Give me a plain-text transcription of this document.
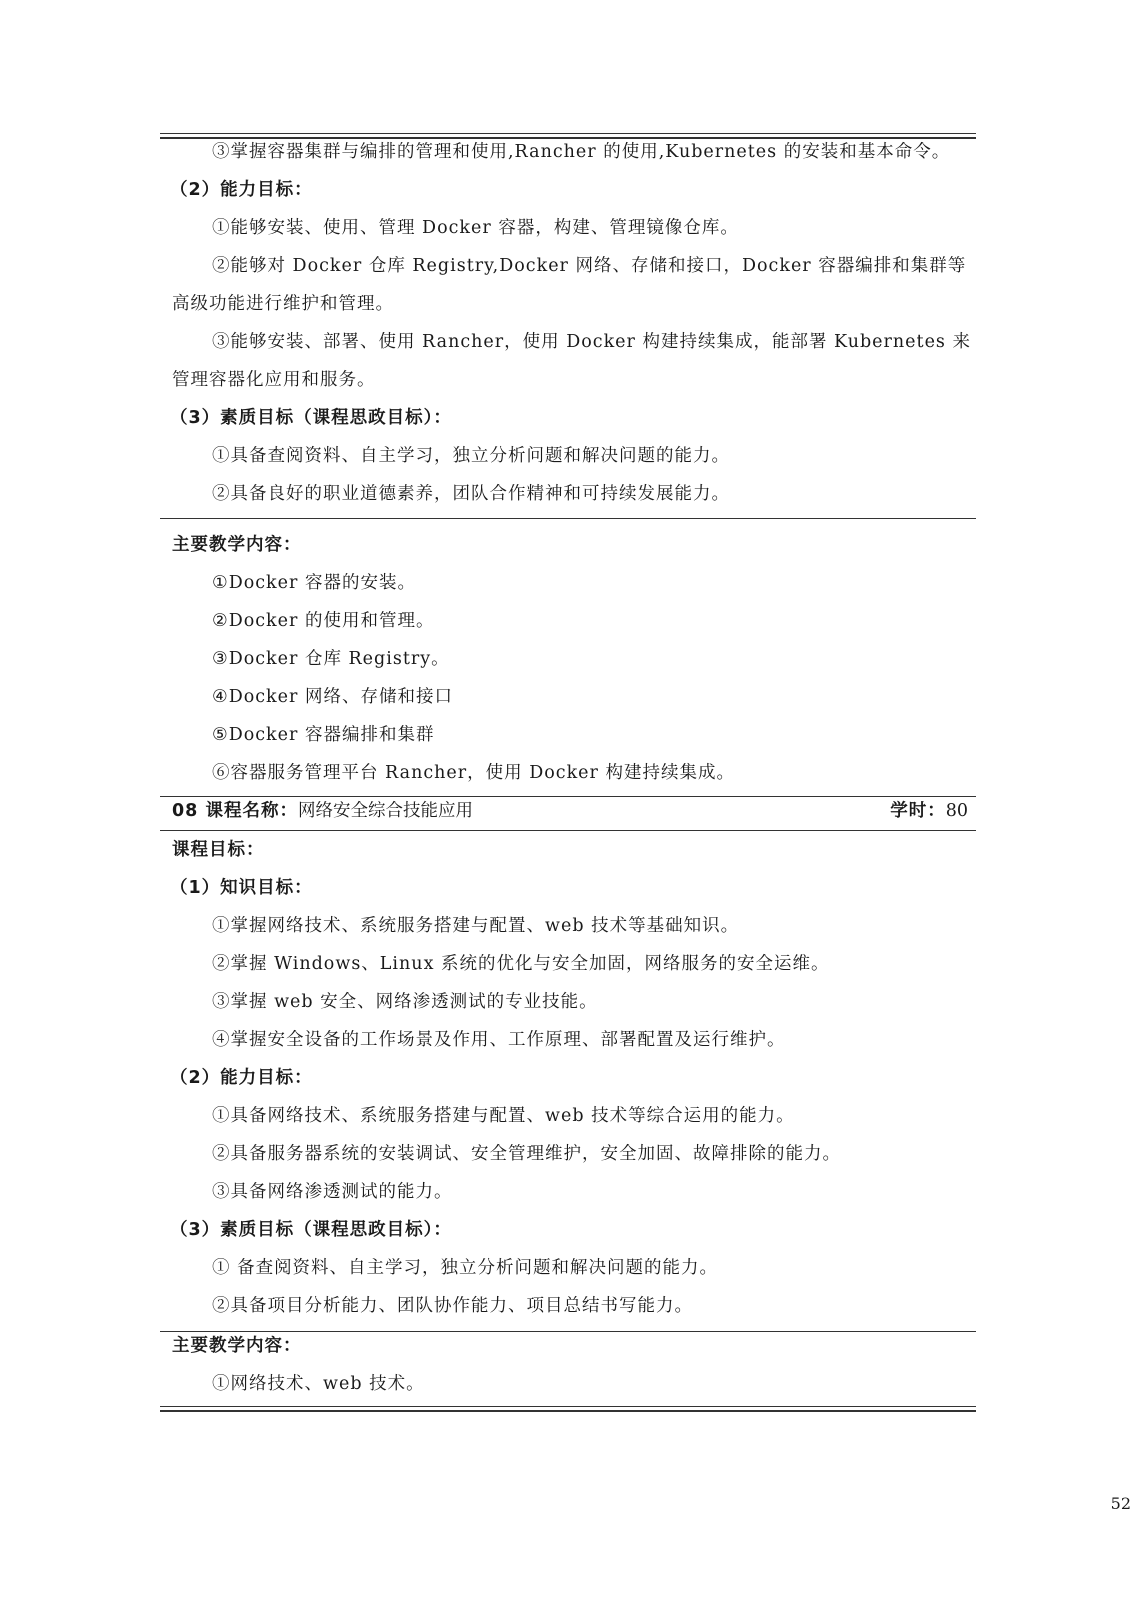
③掌握容器集群与编排的管理和使用,Rancher 的使用,Kubernetes 的安装和基本命令。
（2）能力目标：
①能够安装、使用、管理 Docker 容器，构建、管理镜像仓库。
②能够对 Docker 仓库 Registry,Docker 网络、存储和接口，Docker 容器编排和集群等
高级功能进行维护和管理。
③能够安装、部署、使用 Rancher，使用 Docker 构建持续集成，能部署 Kubernetes 来
管理容器化应用和服务。
（3）素质目标（课程思政目标）：
①具备查阅资料、自主学习，独立分析问题和解决问题的能力。
②具备良好的职业道德素养，团队合作精神和可持续发展能力。
主要教学内容：
①Docker 容器的安装。
②Docker 的使用和管理。
③Docker 仓库 Registry。
④Docker 网络、存储和接口
⑤Docker 容器编排和集群
⑥容器服务管理平台 Rancher，使用 Docker 构建持续集成。
08 课程名称：网络安全综合技能应用	学时：80
课程目标：
（1）知识目标：
①掌握网络技术、系统服务搭建与配置、web 技术等基础知识。
②掌握 Windows、Linux 系统的优化与安全加固，网络服务的安全运维。
③掌握 web 安全、网络渗透测试的专业技能。
④掌握安全设备的工作场景及作用、工作原理、部署配置及运行维护。
（2）能力目标：
①具备网络技术、系统服务搭建与配置、web 技术等综合运用的能力。
②具备服务器系统的安装调试、安全管理维护，安全加固、故障排除的能力。
③具备网络渗透测试的能力。
（3）素质目标（课程思政目标）：
① 备查阅资料、自主学习，独立分析问题和解决问题的能力。
②具备项目分析能力、团队协作能力、项目总结书写能力。
主要教学内容：
①网络技术、web 技术。
52
